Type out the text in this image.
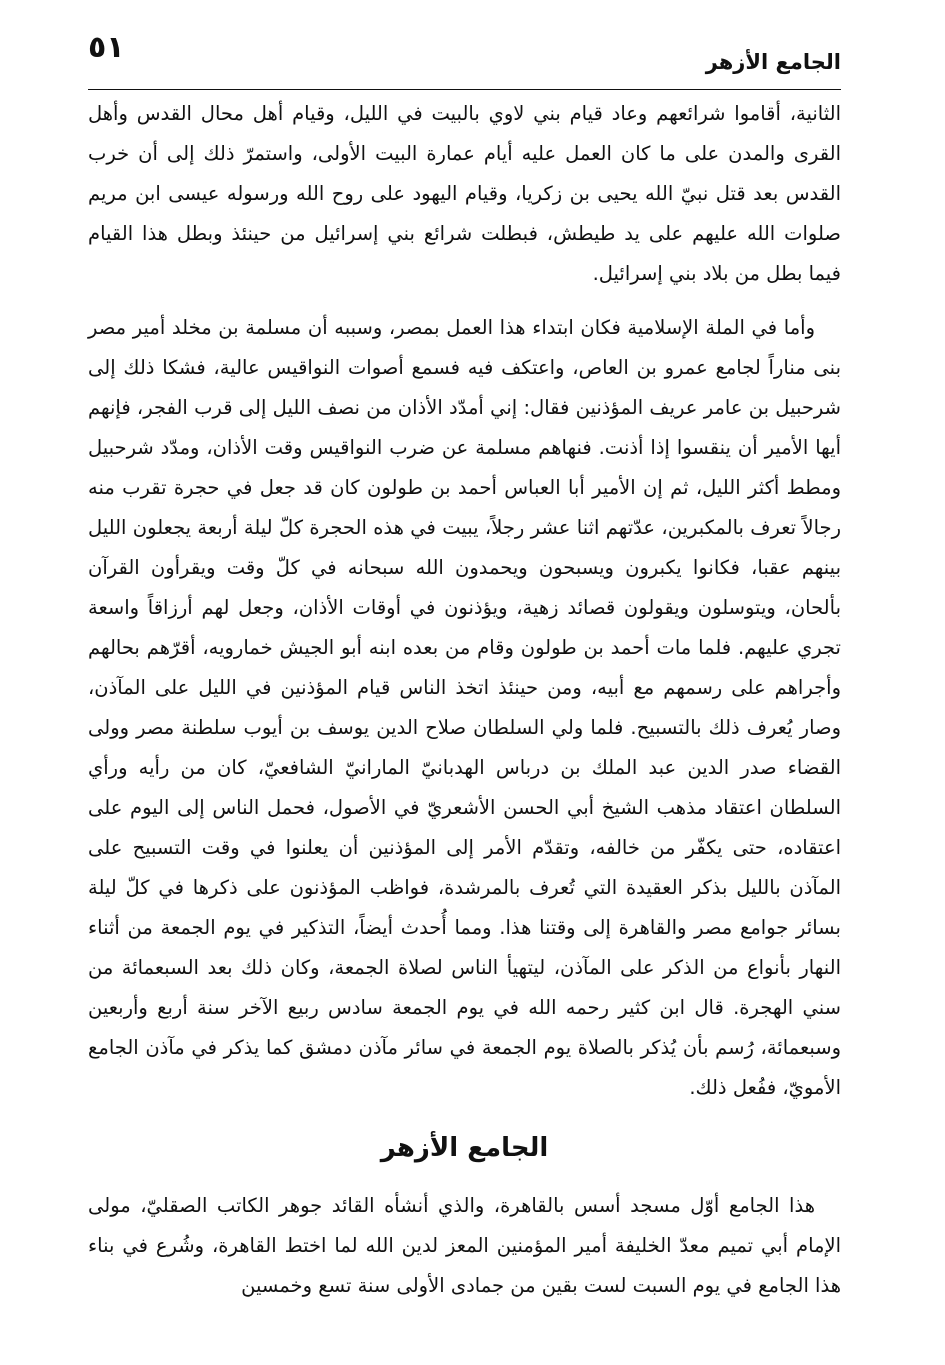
الجامع الأزهر
٥١

الثانية، أقاموا شرائعهم وعاد قيام بني لاوي بالبيت في الليل، وقيام أهل محال القدس وأهل القرى والمدن على ما كان العمل عليه أيام عمارة البيت الأولى، واستمرّ ذلك إلى أن خرب القدس بعد قتل نبيّ الله يحيى بن زكريا، وقيام اليهود على روح الله ورسوله عيسى ابن مريم صلوات الله عليهم على يد طيطش، فبطلت شرائع بني إسرائيل من حينئذ وبطل هذا القيام فيما بطل من بلاد بني إسرائيل.

وأما في الملة الإسلامية فكان ابتداء هذا العمل بمصر، وسببه أن مسلمة بن مخلد أمير مصر بنى مناراً لجامع عمرو بن العاص، واعتكف فيه فسمع أصوات النواقيس عالية، فشكا ذلك إلى شرحبيل بن عامر عريف المؤذنين فقال: إني أمدّد الأذان من نصف الليل إلى قرب الفجر، فإنهم أيها الأمير أن ينقسوا إذا أذنت. فنهاهم مسلمة عن ضرب النواقيس وقت الأذان، ومدّد شرحبيل ومطط أكثر الليل، ثم إن الأمير أبا العباس أحمد بن طولون كان قد جعل في حجرة تقرب منه رجالاً تعرف بالمكبرين، عدّتهم اثنا عشر رجلاً، يبيت في هذه الحجرة كلّ ليلة أربعة يجعلون الليل بينهم عقبا، فكانوا يكبرون ويسبحون ويحمدون الله سبحانه في كلّ وقت ويقرأون القرآن بألحان، ويتوسلون ويقولون قصائد زهية، ويؤذنون في أوقات الأذان، وجعل لهم أرزاقاً واسعة تجري عليهم. فلما مات أحمد بن طولون وقام من بعده ابنه أبو الجيش خمارويه، أقرّهم بحالهم وأجراهم على رسمهم مع أبيه، ومن حينئذ اتخذ الناس قيام المؤذنين في الليل على المآذن، وصار يُعرف ذلك بالتسبيح. فلما ولي السلطان صلاح الدين يوسف بن أيوب سلطنة مصر وولى القضاء صدر الدين عبد الملك بن درباس الهدبانيّ المارانيّ الشافعيّ، كان من رأيه ورأي السلطان اعتقاد مذهب الشيخ أبي الحسن الأشعريّ في الأصول، فحمل الناس إلى اليوم على اعتقاده، حتى يكفّر من خالفه، وتقدّم الأمر إلى المؤذنين أن يعلنوا في وقت التسبيح على المآذن بالليل بذكر العقيدة التي تُعرف بالمرشدة، فواظب المؤذنون على ذكرها في كلّ ليلة بسائر جوامع مصر والقاهرة إلى وقتنا هذا. ومما أُحدث أيضاً، التذكير في يوم الجمعة من أثناء النهار بأنواع من الذكر على المآذن، ليتهيأ الناس لصلاة الجمعة، وكان ذلك بعد السبعمائة من سني الهجرة. قال ابن كثير رحمه الله في يوم الجمعة سادس ربيع الآخر سنة أربع وأربعين وسبعمائة، رُسم بأن يُذكر بالصلاة يوم الجمعة في سائر مآذن دمشق كما يذكر في مآذن الجامع الأمويّ، ففُعل ذلك.

الجامع الأزهر

هذا الجامع أوّل مسجد أسس بالقاهرة، والذي أنشأه القائد جوهر الكاتب الصقليّ، مولى الإمام أبي تميم معدّ الخليفة أمير المؤمنين المعز لدين الله لما اختط القاهرة، وشُرع في بناء هذا الجامع في يوم السبت لست بقين من جمادى الأولى سنة تسع وخمسين
